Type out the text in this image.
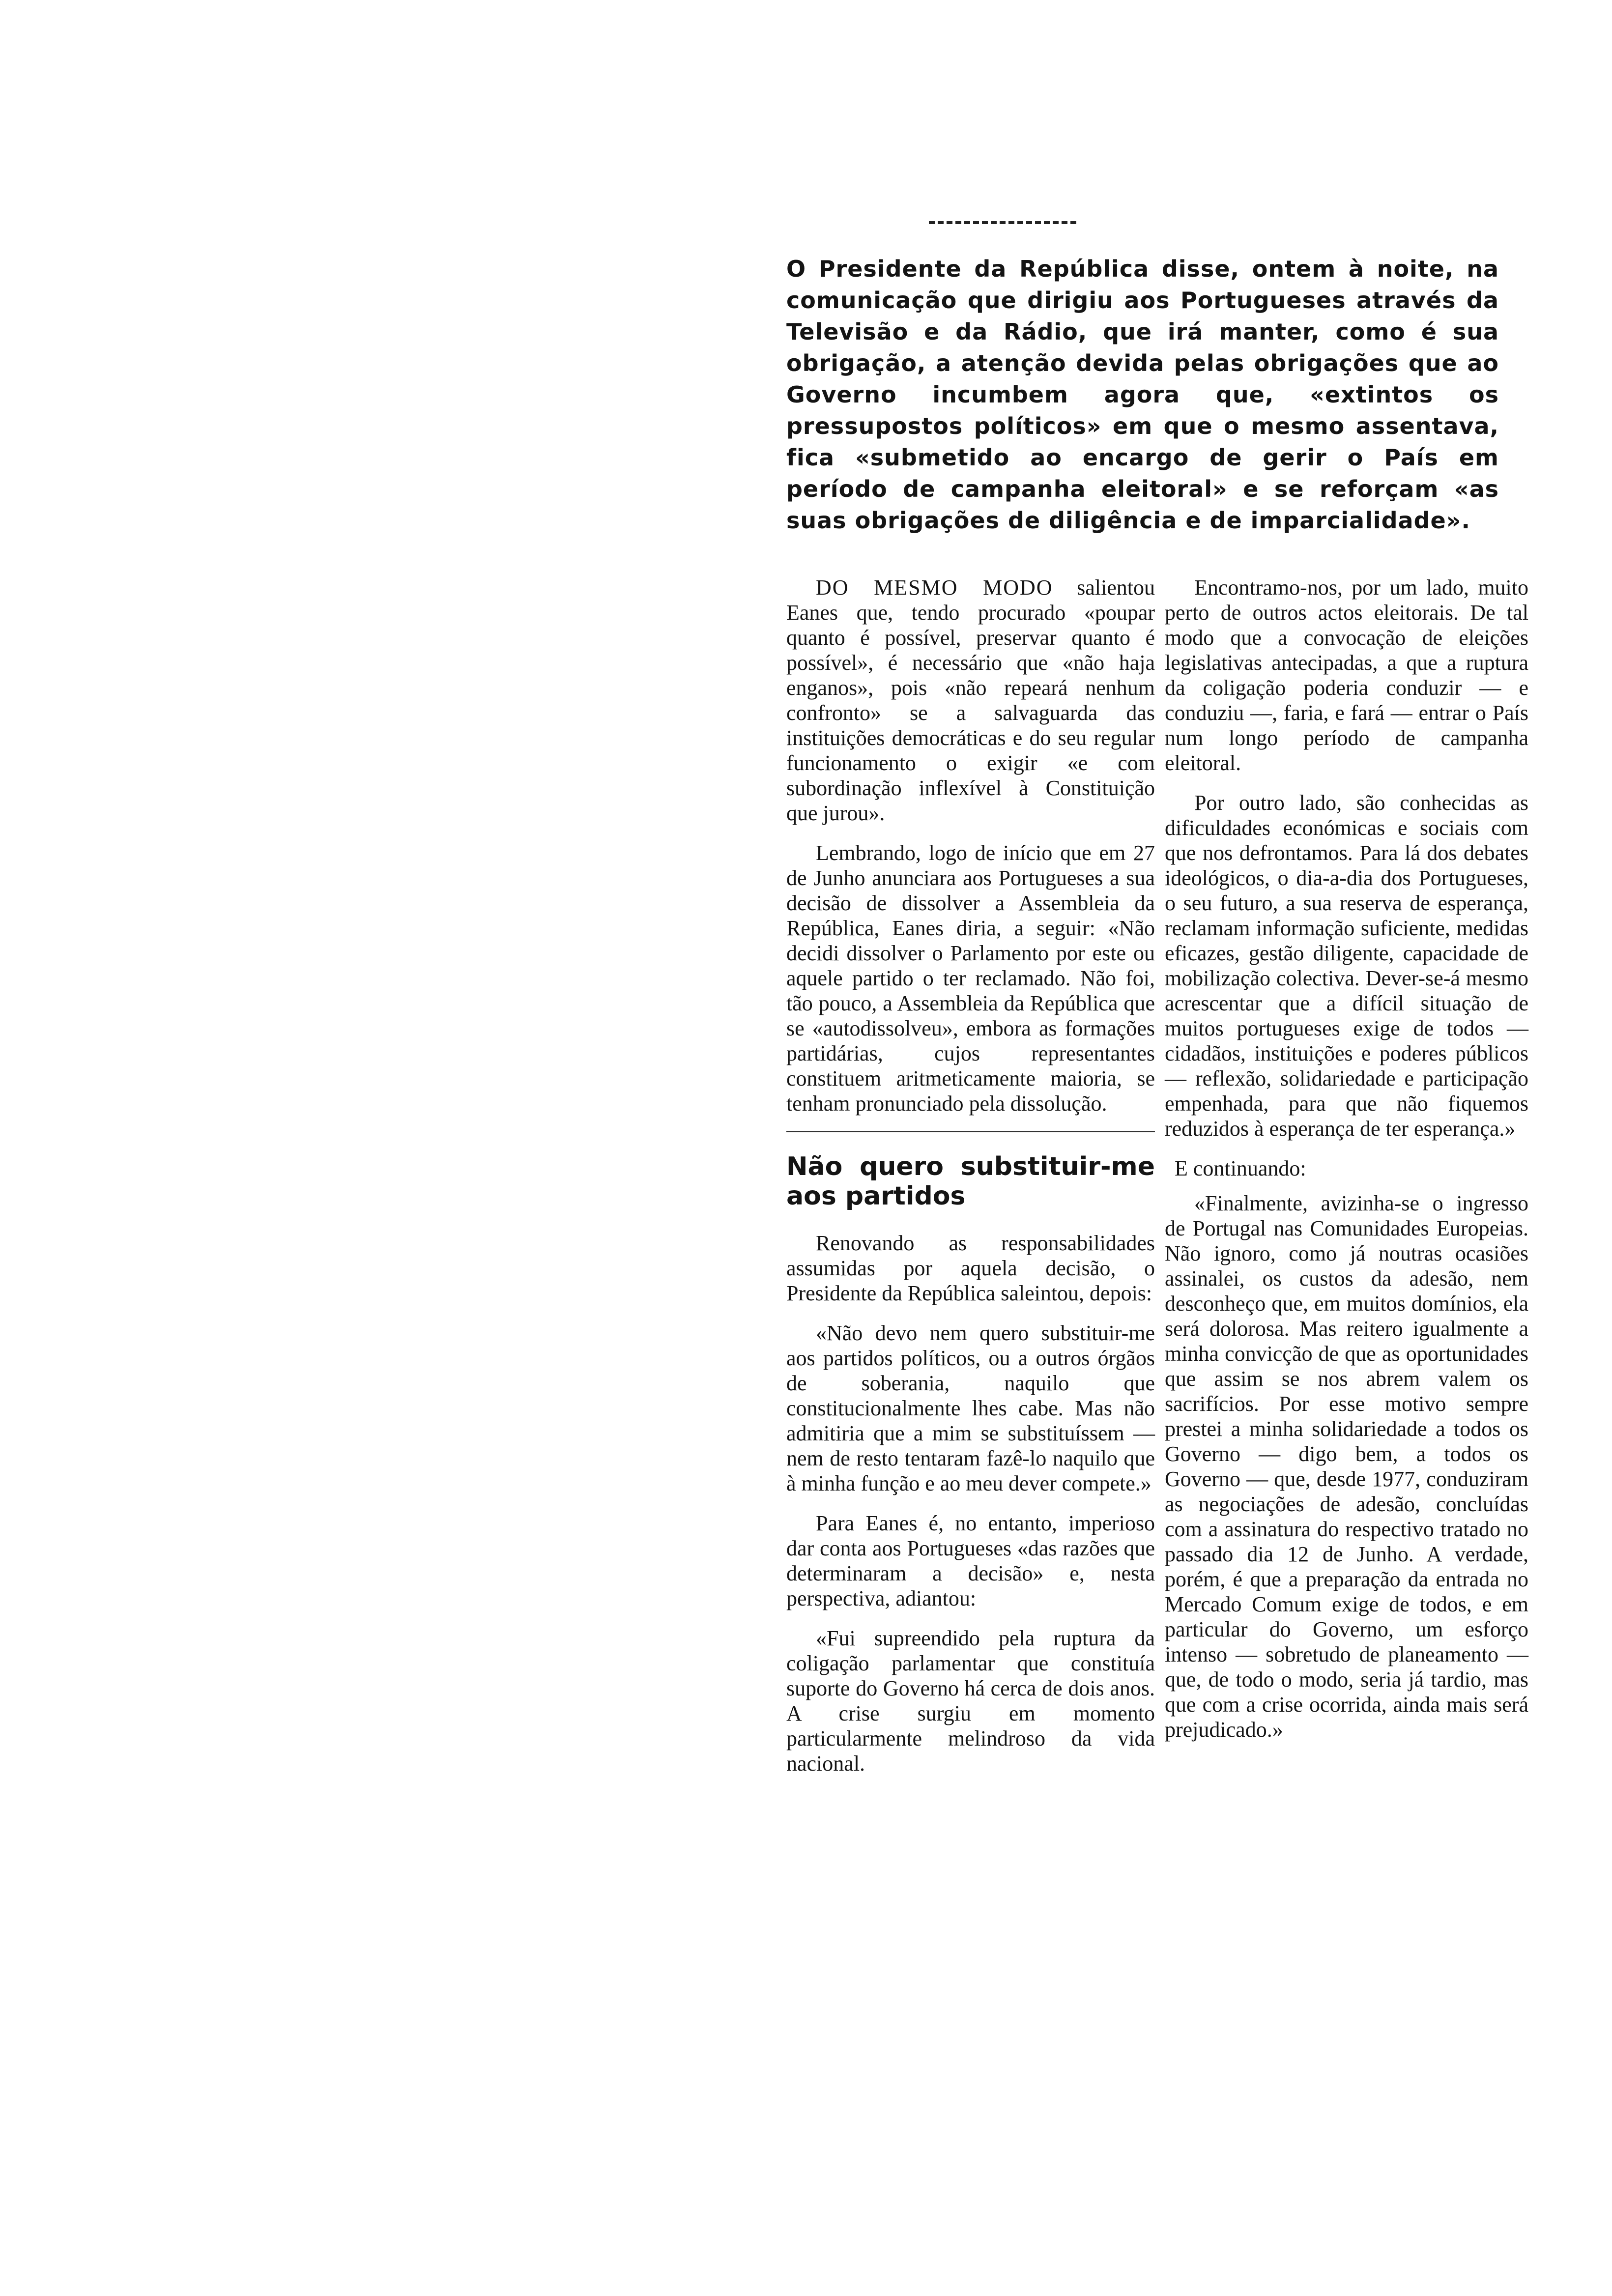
O Presidente da República disse, ontem à noite, na comunicação que dirigiu aos Portugueses através da Televisão e da Rádio, que irá manter, como é sua obrigação, a atenção devida pelas obrigações que ao Governo incumbem agora que, «extintos os pressupostos políticos» em que o mesmo assentava, fica «submetido ao encargo de gerir o País em período de campanha eleitoral» e se reforçam «as suas obrigações de diligência e de imparcialidade».

DO MESMO MODO salientou Eanes que, tendo procurado «poupar quanto é possível, preservar quanto é possível», é necessário que «não haja enganos», pois «não repeará nenhum confronto» se a salvaguarda das instituições democráticas e do seu regular funcionamento o exigir «e com subordinação inflexível à Constituição que jurou».

Lembrando, logo de início que em 27 de Junho anunciara aos Portugueses a sua decisão de dissolver a Assembleia da República, Eanes diria, a seguir: «Não decidi dissolver o Parlamento por este ou aquele partido o ter reclamado. Não foi, tão pouco, a Assembleia da República que se «autodissolveu», embora as formações partidárias, cujos representantes constituem aritmeticamente maioria, se tenham pronunciado pela dissolução.

Não quero substituir-me aos partidos

Renovando as responsabilidades assumidas por aquela decisão, o Presidente da República saleintou, depois:

«Não devo nem quero substituir-me aos partidos políticos, ou a outros órgãos de soberania, naquilo que constitucionalmente lhes cabe. Mas não admitiria que a mim se substituíssem — nem de resto tentaram fazê-lo naquilo que à minha função e ao meu dever compete.»

Para Eanes é, no entanto, imperioso dar conta aos Portugueses «das razões que determinaram a decisão» e, nesta perspectiva, adiantou:

«Fui supreendido pela ruptura da coligação parlamentar que constituía suporte do Governo há cerca de dois anos. A crise surgiu em momento particularmente melindroso da vida nacional.

Encontramo-nos, por um lado, muito perto de outros actos eleitorais. De tal modo que a convocação de eleições legislativas antecipadas, a que a ruptura da coligação poderia conduzir — e conduziu —, faria, e fará — entrar o País num longo período de campanha eleitoral.

Por outro lado, são conhecidas as dificuldades económicas e sociais com que nos defrontamos. Para lá dos debates ideológicos, o dia-a-dia dos Portugueses, o seu futuro, a sua reserva de esperança, reclamam informação suficiente, medidas eficazes, gestão diligente, capacidade de mobilização colectiva. Dever-se-á mesmo acrescentar que a difícil situação de muitos portugueses exige de todos — cidadãos, instituições e poderes públicos — reflexão, solidariedade e participação empenhada, para que não fiquemos reduzidos à esperança de ter esperança.»

E continuando:

«Finalmente, avizinha-se o ingresso de Portugal nas Comunidades Europeias. Não ignoro, como já noutras ocasiões assinalei, os custos da adesão, nem desconheço que, em muitos domínios, ela será dolorosa. Mas reitero igualmente a minha convicção de que as oportunidades que assim se nos abrem valem os sacrifícios. Por esse motivo sempre prestei a minha solidariedade a todos os Governo — digo bem, a todos os Governo — que, desde 1977, conduziram as negociações de adesão, concluídas com a assinatura do respectivo tratado no passado dia 12 de Junho. A verdade, porém, é que a preparação da entrada no Mercado Comum exige de todos, e em particular do Governo, um esforço intenso — sobretudo de planeamento — que, de todo o modo, seria já tardio, mas que com a crise ocorrida, ainda mais será prejudicado.»
